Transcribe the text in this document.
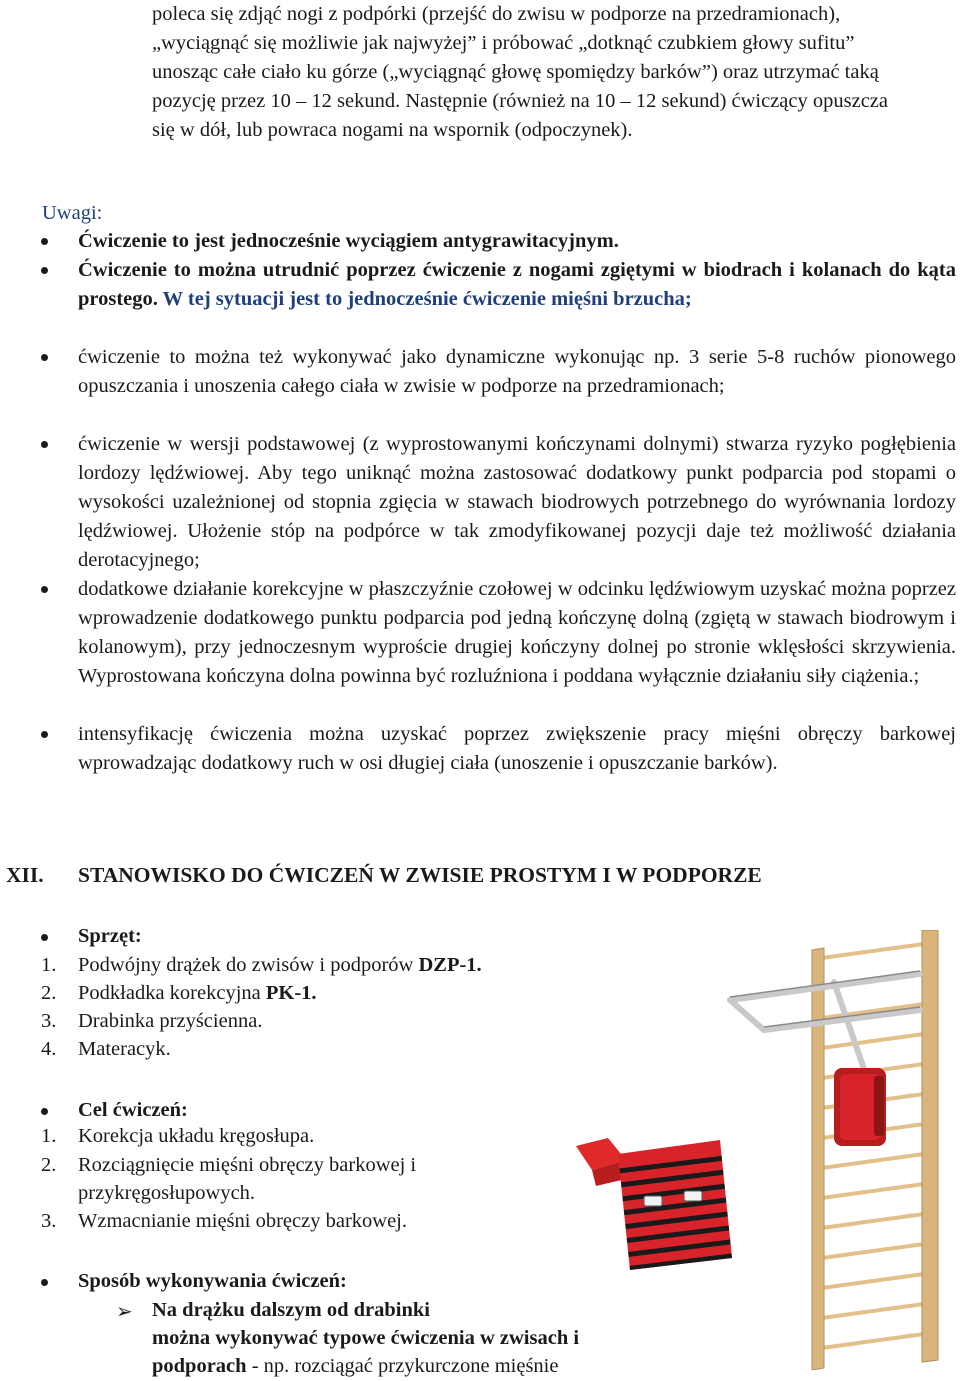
poleca się zdjąć nogi z podpórki (przejść do zwisu w podporze na przedramionach), „wyciągnąć się możliwie jak najwyżej” i próbować „dotknąć czubkiem głowy sufitu” unosząc całe ciało ku górze („wyciągnąć głowę spomiędzy barków”) oraz utrzymać taką pozycję przez 10 – 12 sekund. Następnie (również na 10 – 12 sekund) ćwiczący opuszcza się w dół, lub powraca nogami na wspornik (odpoczynek).
Uwagi:
Ćwiczenie to jest jednocześnie wyciągiem antygrawitacyjnym.
Ćwiczenie to można utrudnić poprzez ćwiczenie z nogami zgiętymi w biodrach i kolanach do kąta prostego. W tej sytuacji jest to jednocześnie ćwiczenie mięśni brzucha;
ćwiczenie to można też wykonywać jako dynamiczne wykonując np. 3 serie 5-8 ruchów pionowego opuszczania i unoszenia całego ciała w zwisie w podporze na przedramionach;
ćwiczenie w wersji podstawowej (z wyprostowanymi kończynami dolnymi) stwarza ryzyko pogłębienia lordozy lędźwiowej. Aby tego uniknąć można zastosować dodatkowy punkt podparcia pod stopami o wysokości uzależnionej od stopnia zgięcia w stawach biodrowych potrzebnego do wyrównania lordozy lędźwiowej. Ułożenie stóp na podpórce w tak zmodyfikowanej pozycji daje też możliwość działania derotacyjnego;
dodatkowe działanie korekcyjne w płaszczyźnie czołowej w odcinku lędźwiowym uzyskać można poprzez wprowadzenie dodatkowego punktu podparcia pod jedną kończynę dolną (zgiętą w stawach biodrowym i kolanowym), przy jednoczesnym wyproście drugiej kończyny dolnej po stronie wklęsłości skrzywienia. Wyprostowana kończyna dolna powinna być rozluźniona i poddana wyłącznie działaniu siły ciążenia.;
intensyfikację ćwiczenia można uzyskać poprzez zwiększenie pracy mięśni obręczy barkowej wprowadzając dodatkowy ruch w osi długiej ciała (unoszenie i opuszczanie barków).
XII. STANOWISKO DO ĆWICZEŃ W ZWISIE PROSTYM I W PODPORZE
Sprzęt:
1.	Podwójny drążek do zwisów i podporów DZP-1.
2.	Podkładka korekcyjna PK-1.
3.	Drabinka przyścienna.
4.	Materacyk.
Cel ćwiczeń:
1.	Korekcja układu kręgosłupa.
2.	Rozciągnięcie mięśni obręczy barkowej i
przykręgosłupowych.
3.	Wzmacnianie mięśni obręczy barkowej.
Sposób wykonywania ćwiczeń:
➢ Na drążku dalszym od drabinki
można wykonywać typowe ćwiczenia w zwisach i
podporach - np. rozciągać przykurczone mięśnie
